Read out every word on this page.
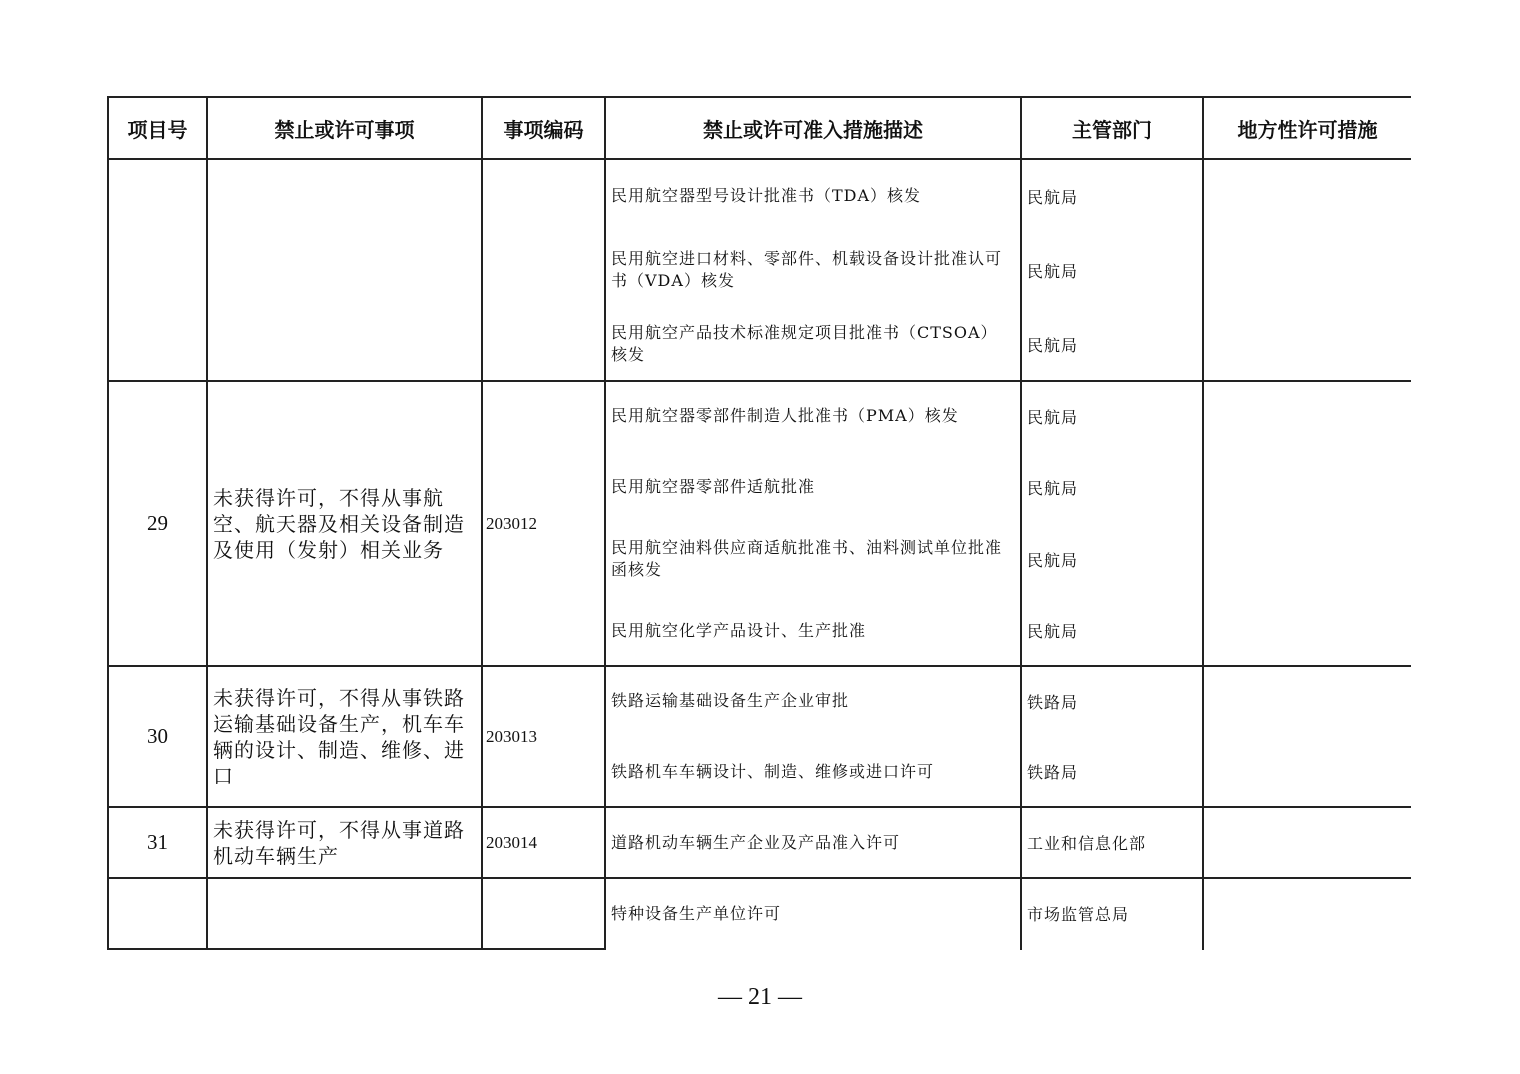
项目号	禁止或许可事项	事项编码	禁止或许可准入措施描述	主管部门	地方性许可措施
			民用航空器型号设计批准书（TDA）核发	民航局	
			民用航空进口材料、零部件、机载设备设计批准认可书（VDA）核发	民航局	
			民用航空产品技术标准规定项目批准书（CTSOA）核发	民航局	
29	未获得许可，不得从事航空、航天器及相关设备制造及使用（发射）相关业务	203012	民用航空器零部件制造人批准书（PMA）核发	民航局	
			民用航空器零部件适航批准	民航局	
			民用航空油料供应商适航批准书、油料测试单位批准函核发	民航局	
			民用航空化学产品设计、生产批准	民航局	
30	未获得许可，不得从事铁路运输基础设备生产，机车车辆的设计、制造、维修、进口	203013	铁路运输基础设备生产企业审批	铁路局	
			铁路机车车辆设计、制造、维修或进口许可	铁路局	
31	未获得许可，不得从事道路机动车辆生产	203014	道路机动车辆生产企业及产品准入许可	工业和信息化部	
			特种设备生产单位许可	市场监管总局	
— 21 —
